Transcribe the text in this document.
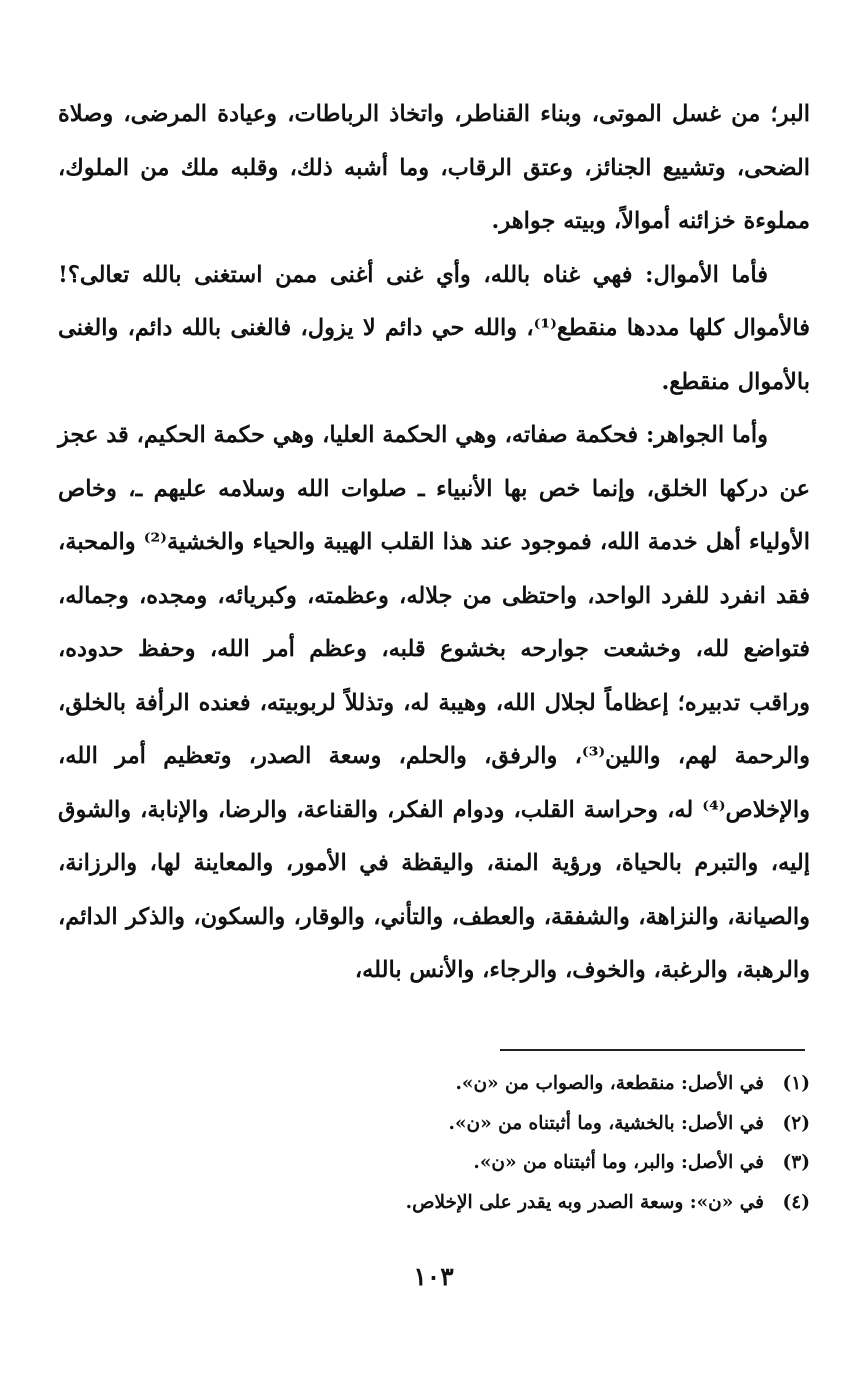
البر؛ من غسل الموتى، وبناء القناطر، واتخاذ الرباطات، وعيادة المرضى، وصلاة الضحى، وتشييع الجنائز، وعتق الرقاب، وما أشبه ذلك، وقلبه ملك من الملوك، مملوءة خزائنه أموالاً، وبيته جواهر.

فأما الأموال: فهي غناه بالله، وأي غنى أغنى ممن استغنى بالله تعالى؟! فالأموال كلها مددها منقطع⁽¹⁾، والله حي دائم لا يزول، فالغنى بالله دائم، والغنى بالأموال منقطع.

وأما الجواهر: فحكمة صفاته، وهي الحكمة العليا، وهي حكمة الحكيم، قد عجز عن دركها الخلق، وإنما خص بها الأنبياء ـ صلوات الله وسلامه عليهم ـ، وخاص الأولياء أهل خدمة الله، فموجود عند هذا القلب الهيبة والحياء والخشية⁽²⁾ والمحبة، فقد انفرد للفرد الواحد، واحتظى من جلاله، وعظمته، وكبريائه، ومجده، وجماله، فتواضع لله، وخشعت جوارحه بخشوع قلبه، وعظم أمر الله، وحفظ حدوده، وراقب تدبيره؛ إعظاماً لجلال الله، وهيبة له، وتذللاً لربوبيته، فعنده الرأفة بالخلق، والرحمة لهم، واللين⁽³⁾، والرفق، والحلم، وسعة الصدر، وتعظيم أمر الله، والإخلاص⁽⁴⁾ له، وحراسة القلب، ودوام الفكر، والقناعة، والرضا، والإنابة، والشوق إليه، والتبرم بالحياة، ورؤية المنة، واليقظة في الأمور، والمعاينة لها، والرزانة، والصيانة، والنزاهة، والشفقة، والعطف، والتأني، والوقار، والسكون، والذكر الدائم، والرهبة، والرغبة، والخوف، والرجاء، والأنس بالله،

(١)في الأصل: منقطعة، والصواب من «ن».
(٢)في الأصل: بالخشية، وما أثبتناه من «ن».
(٣)في الأصل: والبر، وما أثبتناه من «ن».
(٤)في «ن»: وسعة الصدر وبه يقدر على الإخلاص.
١٠٣
